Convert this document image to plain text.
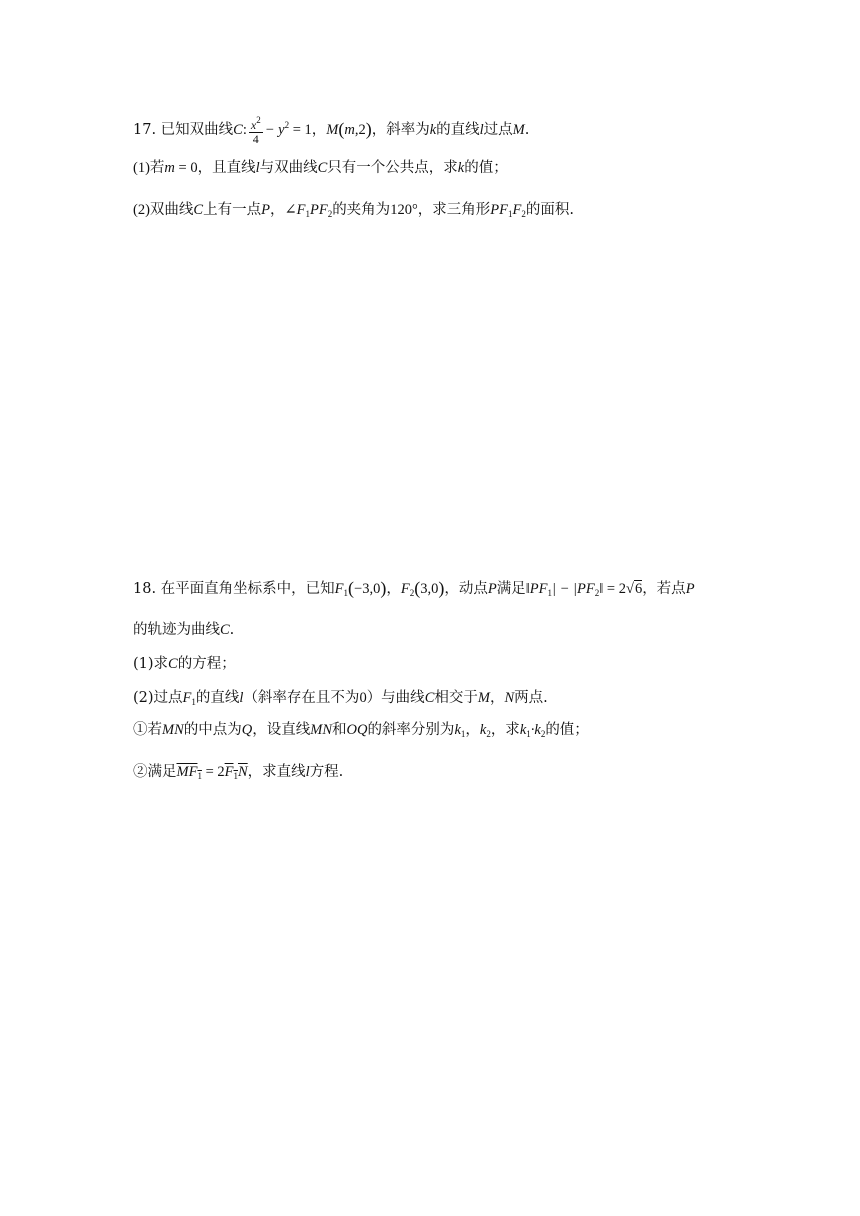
17. 已知双曲线C: $\frac{x^2}{4} - y^2 = 1$，M(m,2)，斜率为k的直线l过点M.
(1)若m = 0，且直线l与双曲线C只有一个公共点，求k的值；
(2)双曲线C上有一点P，$\angle F_1PF_2$的夹角为120°，求三角形$PF_1F_2$的面积.
18. 在平面直角坐标系中，已知$F_1(-3,0)$，$F_2(3,0)$，动点P满足$‖PF_1|$ − $|PF_2‖ = 2√6$，若点P
的轨迹为曲线C.
(1)求C的方程；
(2)过点$F_1$的直线l（斜率存在且不为0）与曲线C相交于M，N两点.
①若MN的中点为Q，设直线MN和OQ的斜率分别为$k_1$，$k_2$，求$k_1\cdot k_2$的值；
②满足$MF_1 = 2F_1N$，求直线l方程.
